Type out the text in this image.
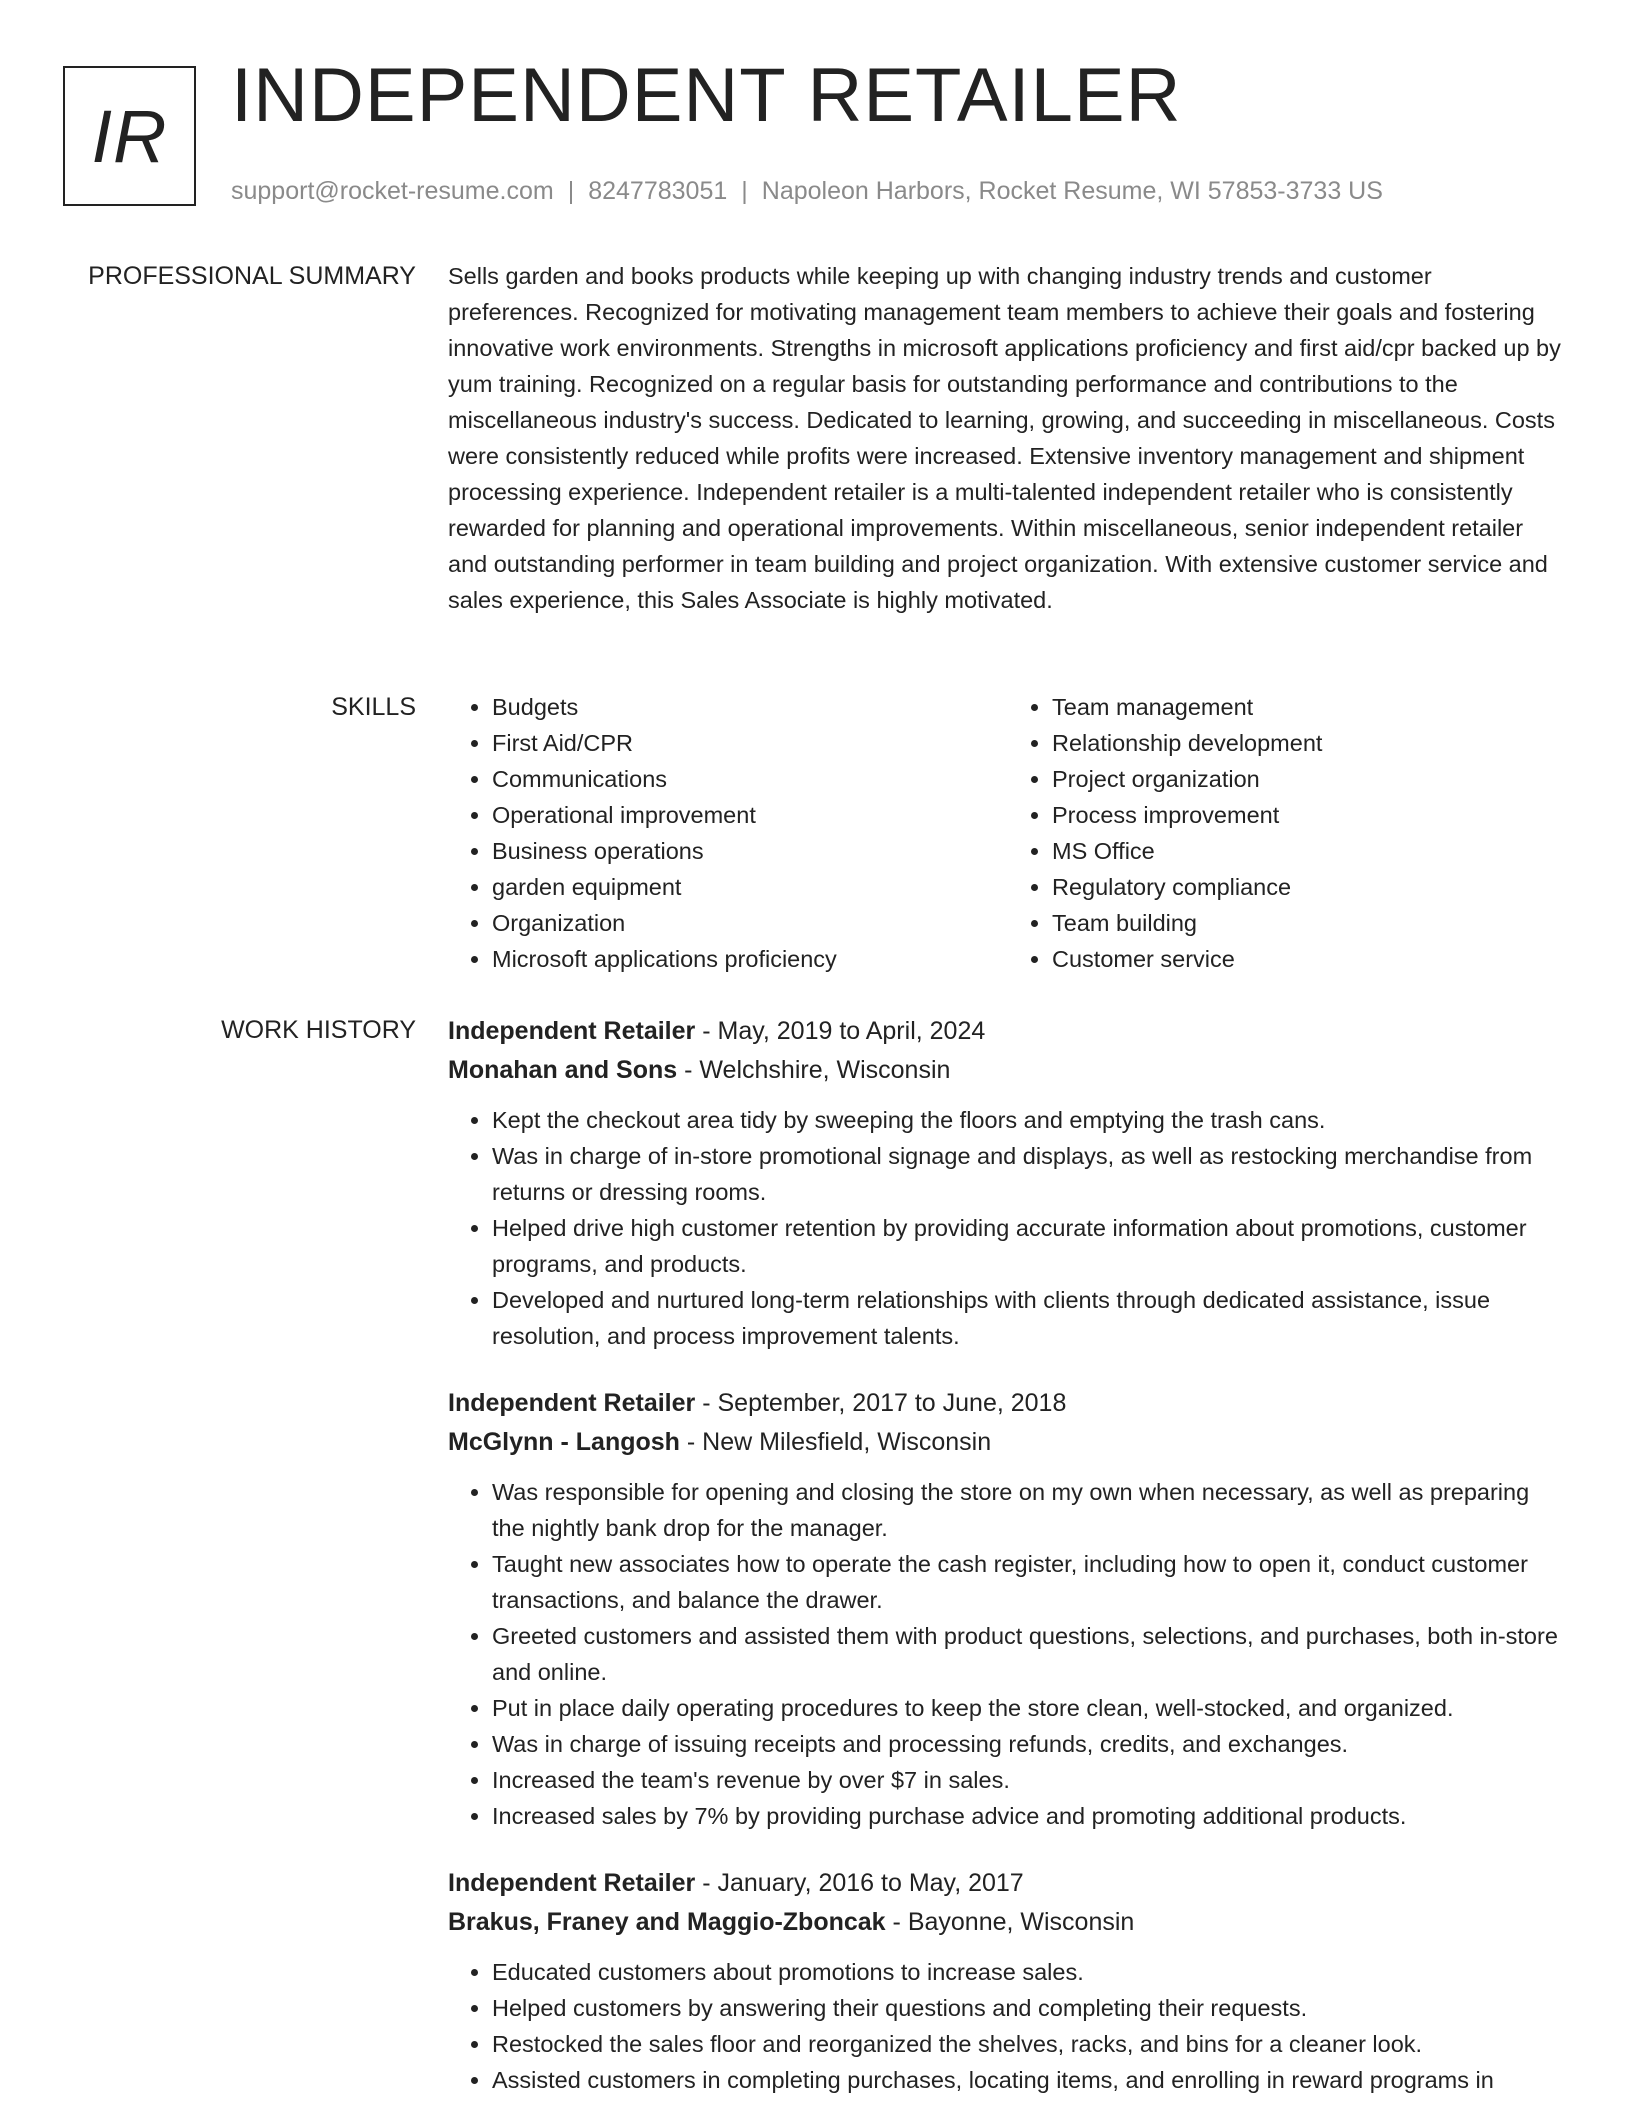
IR INDEPENDENT RETAILER
support@rocket-resume.com | 8247783051 | Napoleon Harbors, Rocket Resume, WI 57853-3733 US
PROFESSIONAL SUMMARY Sells garden and books products while keeping up with changing industry trends and customer preferences. Recognized for motivating management team members to achieve their goals and fostering innovative work environments. Strengths in microsoft applications proficiency and first aid/cpr backed up by yum training. Recognized on a regular basis for outstanding performance and contributions to the miscellaneous industry's success. Dedicated to learning, growing, and succeeding in miscellaneous. Costs were consistently reduced while profits were increased. Extensive inventory management and shipment processing experience. Independent retailer is a multi-talented independent retailer who is consistently rewarded for planning and operational improvements. Within miscellaneous, senior independent retailer and outstanding performer in team building and project organization. With extensive customer service and sales experience, this Sales Associate is highly motivated.

SKILLS
•	Budgets
• First Aid/CPR
• Communications
• Operational improvement
• Business operations
• garden equipment
• Organization
• Microsoft applications proficiency
• Team management
• Relationship development
• Project organization
• Process improvement
• MS Office
• Regulatory compliance
• Team building
• Customer service
WORK HISTORY Independent Retailer - May, 2019 to April, 2024
Monahan and Sons - Welchshire, Wisconsin
• Kept the checkout area tidy by sweeping the floors and emptying the trash cans.
• Was in charge of in-store promotional signage and displays, as well as restocking merchandise from returns or dressing rooms.
• Helped drive high customer retention by providing accurate information about promotions, customer programs, and products.
• Developed and nurtured long-term relationships with clients through dedicated assistance, issue resolution, and process improvement talents.
Independent Retailer - September, 2017 to June, 2018
McGlynn - Langosh - New Milesfield, Wisconsin
• Was responsible for opening and closing the store on my own when necessary, as well as preparing the nightly bank drop for the manager.
• Taught new associates how to operate the cash register, including how to open it, conduct customer transactions, and balance the drawer.
• Greeted customers and assisted them with product questions, selections, and purchases, both in-store and online.
• Put in place daily operating procedures to keep the store clean, well-stocked, and organized.
• Was in charge of issuing receipts and processing refunds, credits, and exchanges.
• Increased the team's revenue by over $7 in sales.
• Increased sales by 7% by providing purchase advice and promoting additional products.
Independent Retailer - January, 2016 to May, 2017
Brakus, Franey and Maggio-Zboncak - Bayonne, Wisconsin
• Educated customers about promotions to increase sales.
• Helped customers by answering their questions and completing their requests.
• Restocked the sales floor and reorganized the shelves, racks, and bins for a cleaner look.
• Assisted customers in completing purchases, locating items, and enrolling in reward programs in
